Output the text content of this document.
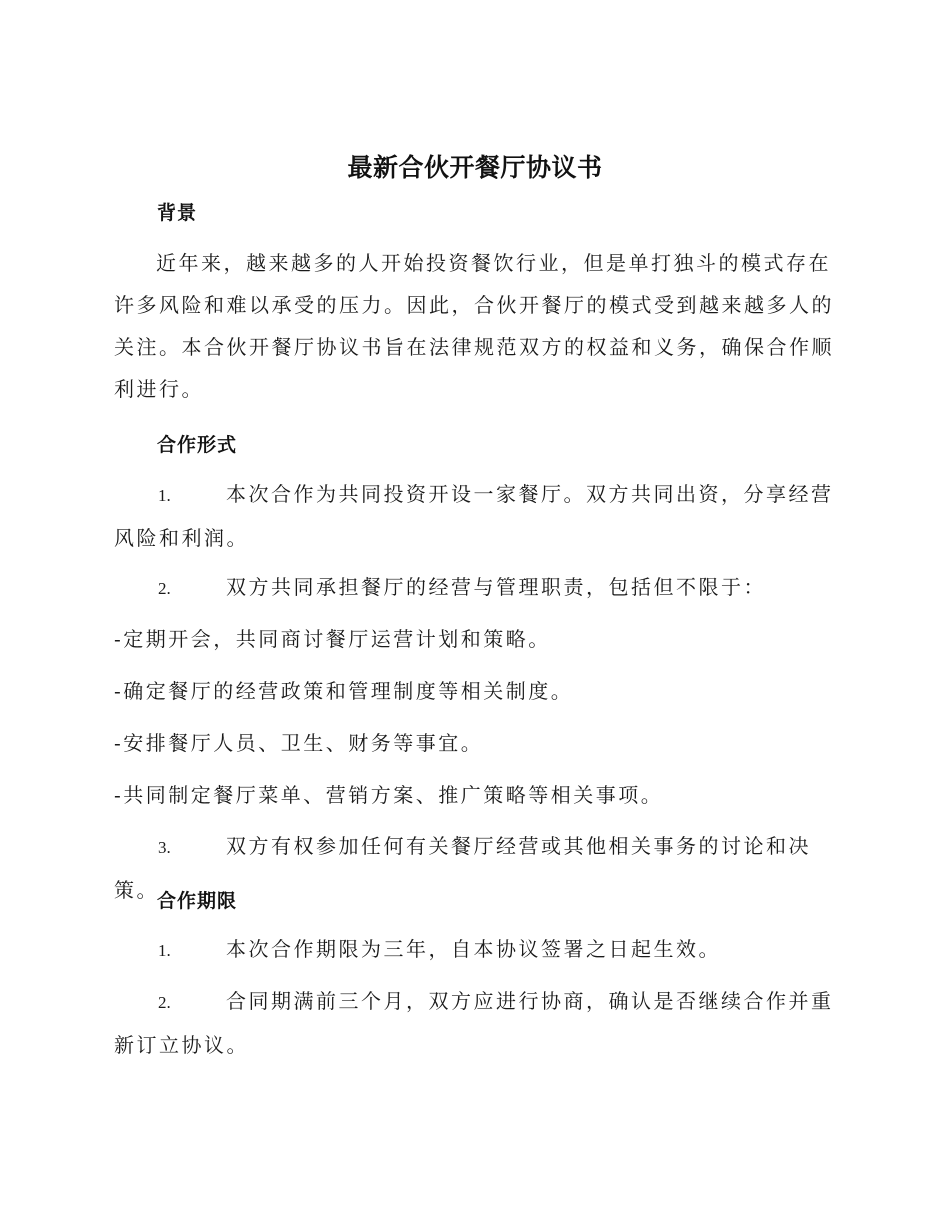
最新合伙开餐厅协议书
背景

近年来，越来越多的人开始投资餐饮行业，但是单打独斗的模式存在许多风险和难以承受的压力。因此，合伙开餐厅的模式受到越来越多人的关注。本合伙开餐厅协议书旨在法律规范双方的权益和义务，确保合作顺利进行。

合作形式

1.	本次合作为共同投资开设一家餐厅。双方共同出资，分享经营风险和利润。

2.	双方共同承担餐厅的经营与管理职责，包括但不限于：

-定期开会，共同商讨餐厅运营计划和策略。

-确定餐厅的经营政策和管理制度等相关制度。

-安排餐厅人员、卫生、财务等事宜。

-共同制定餐厅菜单、营销方案、推广策略等相关事项。

3.	双方有权参加任何有关餐厅经营或其他相关事务的讨论和决策。

合作期限

1.	本次合作期限为三年，自本协议签署之日起生效。

2.	合同期满前三个月，双方应进行协商，确认是否继续合作并重新订立协议。
